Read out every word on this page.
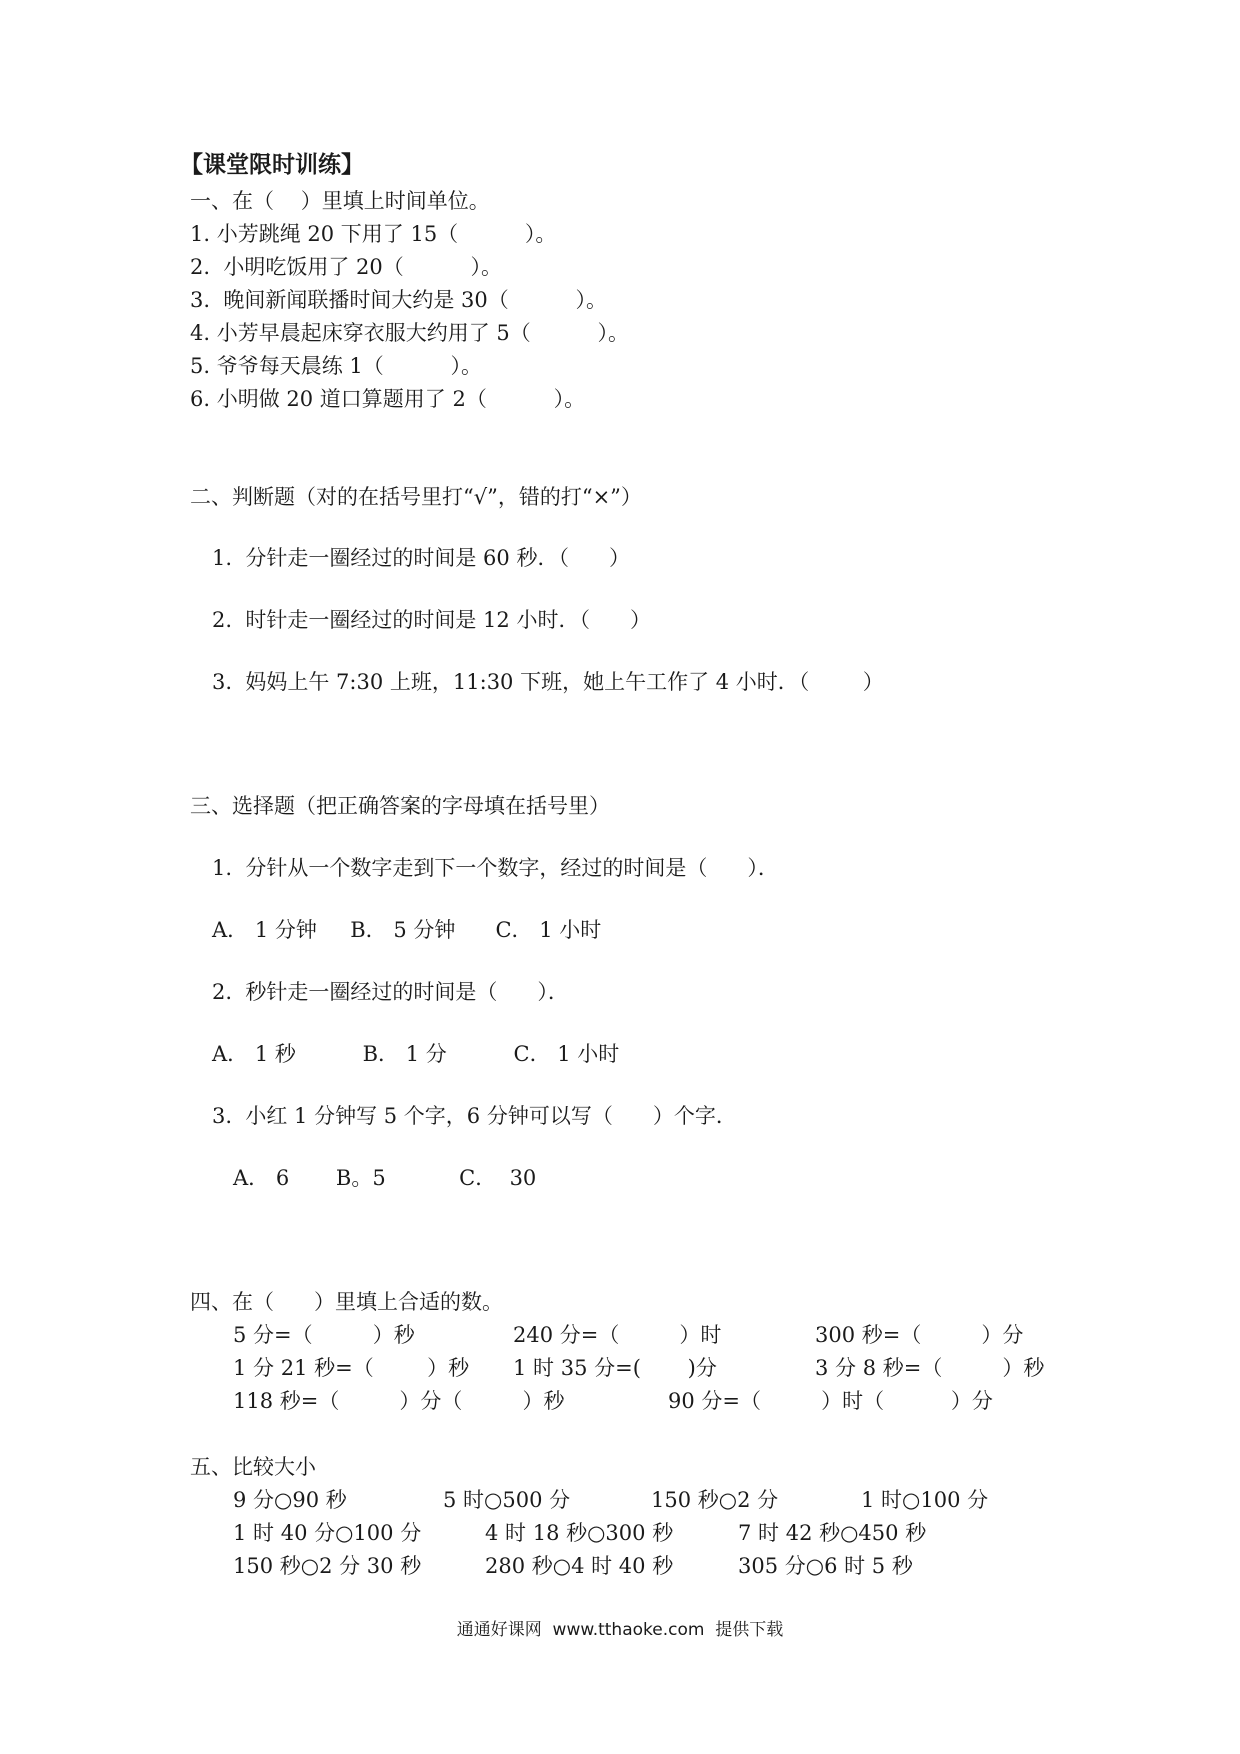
【课堂限时训练】
一、在（    ）里填上时间单位。
1. 小芳跳绳 20 下用了 15（          ）。
2.  小明吃饭用了 20（          ）。
3.  晚间新闻联播时间大约是 30（          ）。
4. 小芳早晨起床穿衣服大约用了 5（          ）。
5. 爷爷每天晨练 1（          ）。
6. 小明做 20 道口算题用了 2（          ）。
二、判断题（对的在括号里打“√”，错的打“×”）
1.  分针走一圈经过的时间是 60 秒．（      ）
2.  时针走一圈经过的时间是 12 小时．（      ）
3.  妈妈上午 7:30 上班，11:30 下班，她上午工作了 4 小时．（        ）
三、选择题（把正确答案的字母填在括号里）
1.  分针从一个数字走到下一个数字，经过的时间是（      ）．
A． 1 分钟     B． 5 分钟      C． 1 小时
2.  秒针走一圈经过的时间是（      ）．
A． 1 秒          B． 1 分          C． 1 小时
3.  小红 1 分钟写 5 个字，6 分钟可以写（      ）个字．
A． 6       B。5           C．  30
四、在（      ）里填上合适的数。
5 分=（         ）秒	240 分=（         ）时	300 秒=（         ）分
1 分 21 秒=（        ）秒 1 时 35 分=(       )分	3 分 8 秒=（         ）秒
118 秒=（         ）分（         ）秒	90 分=（         ）时（          ）分
五、比较大小
9 分○90 秒	5 时○500 分	150 秒○2 分	1 时○100 分
1 时 40 分○100 分	4 时 18 秒○300 秒	7 时 42 秒○450 秒
150 秒○2 分 30 秒	280 秒○4 时 40 秒	305 分○6 时 5 秒
通通好课网  www.tthaoke.com  提供下载
